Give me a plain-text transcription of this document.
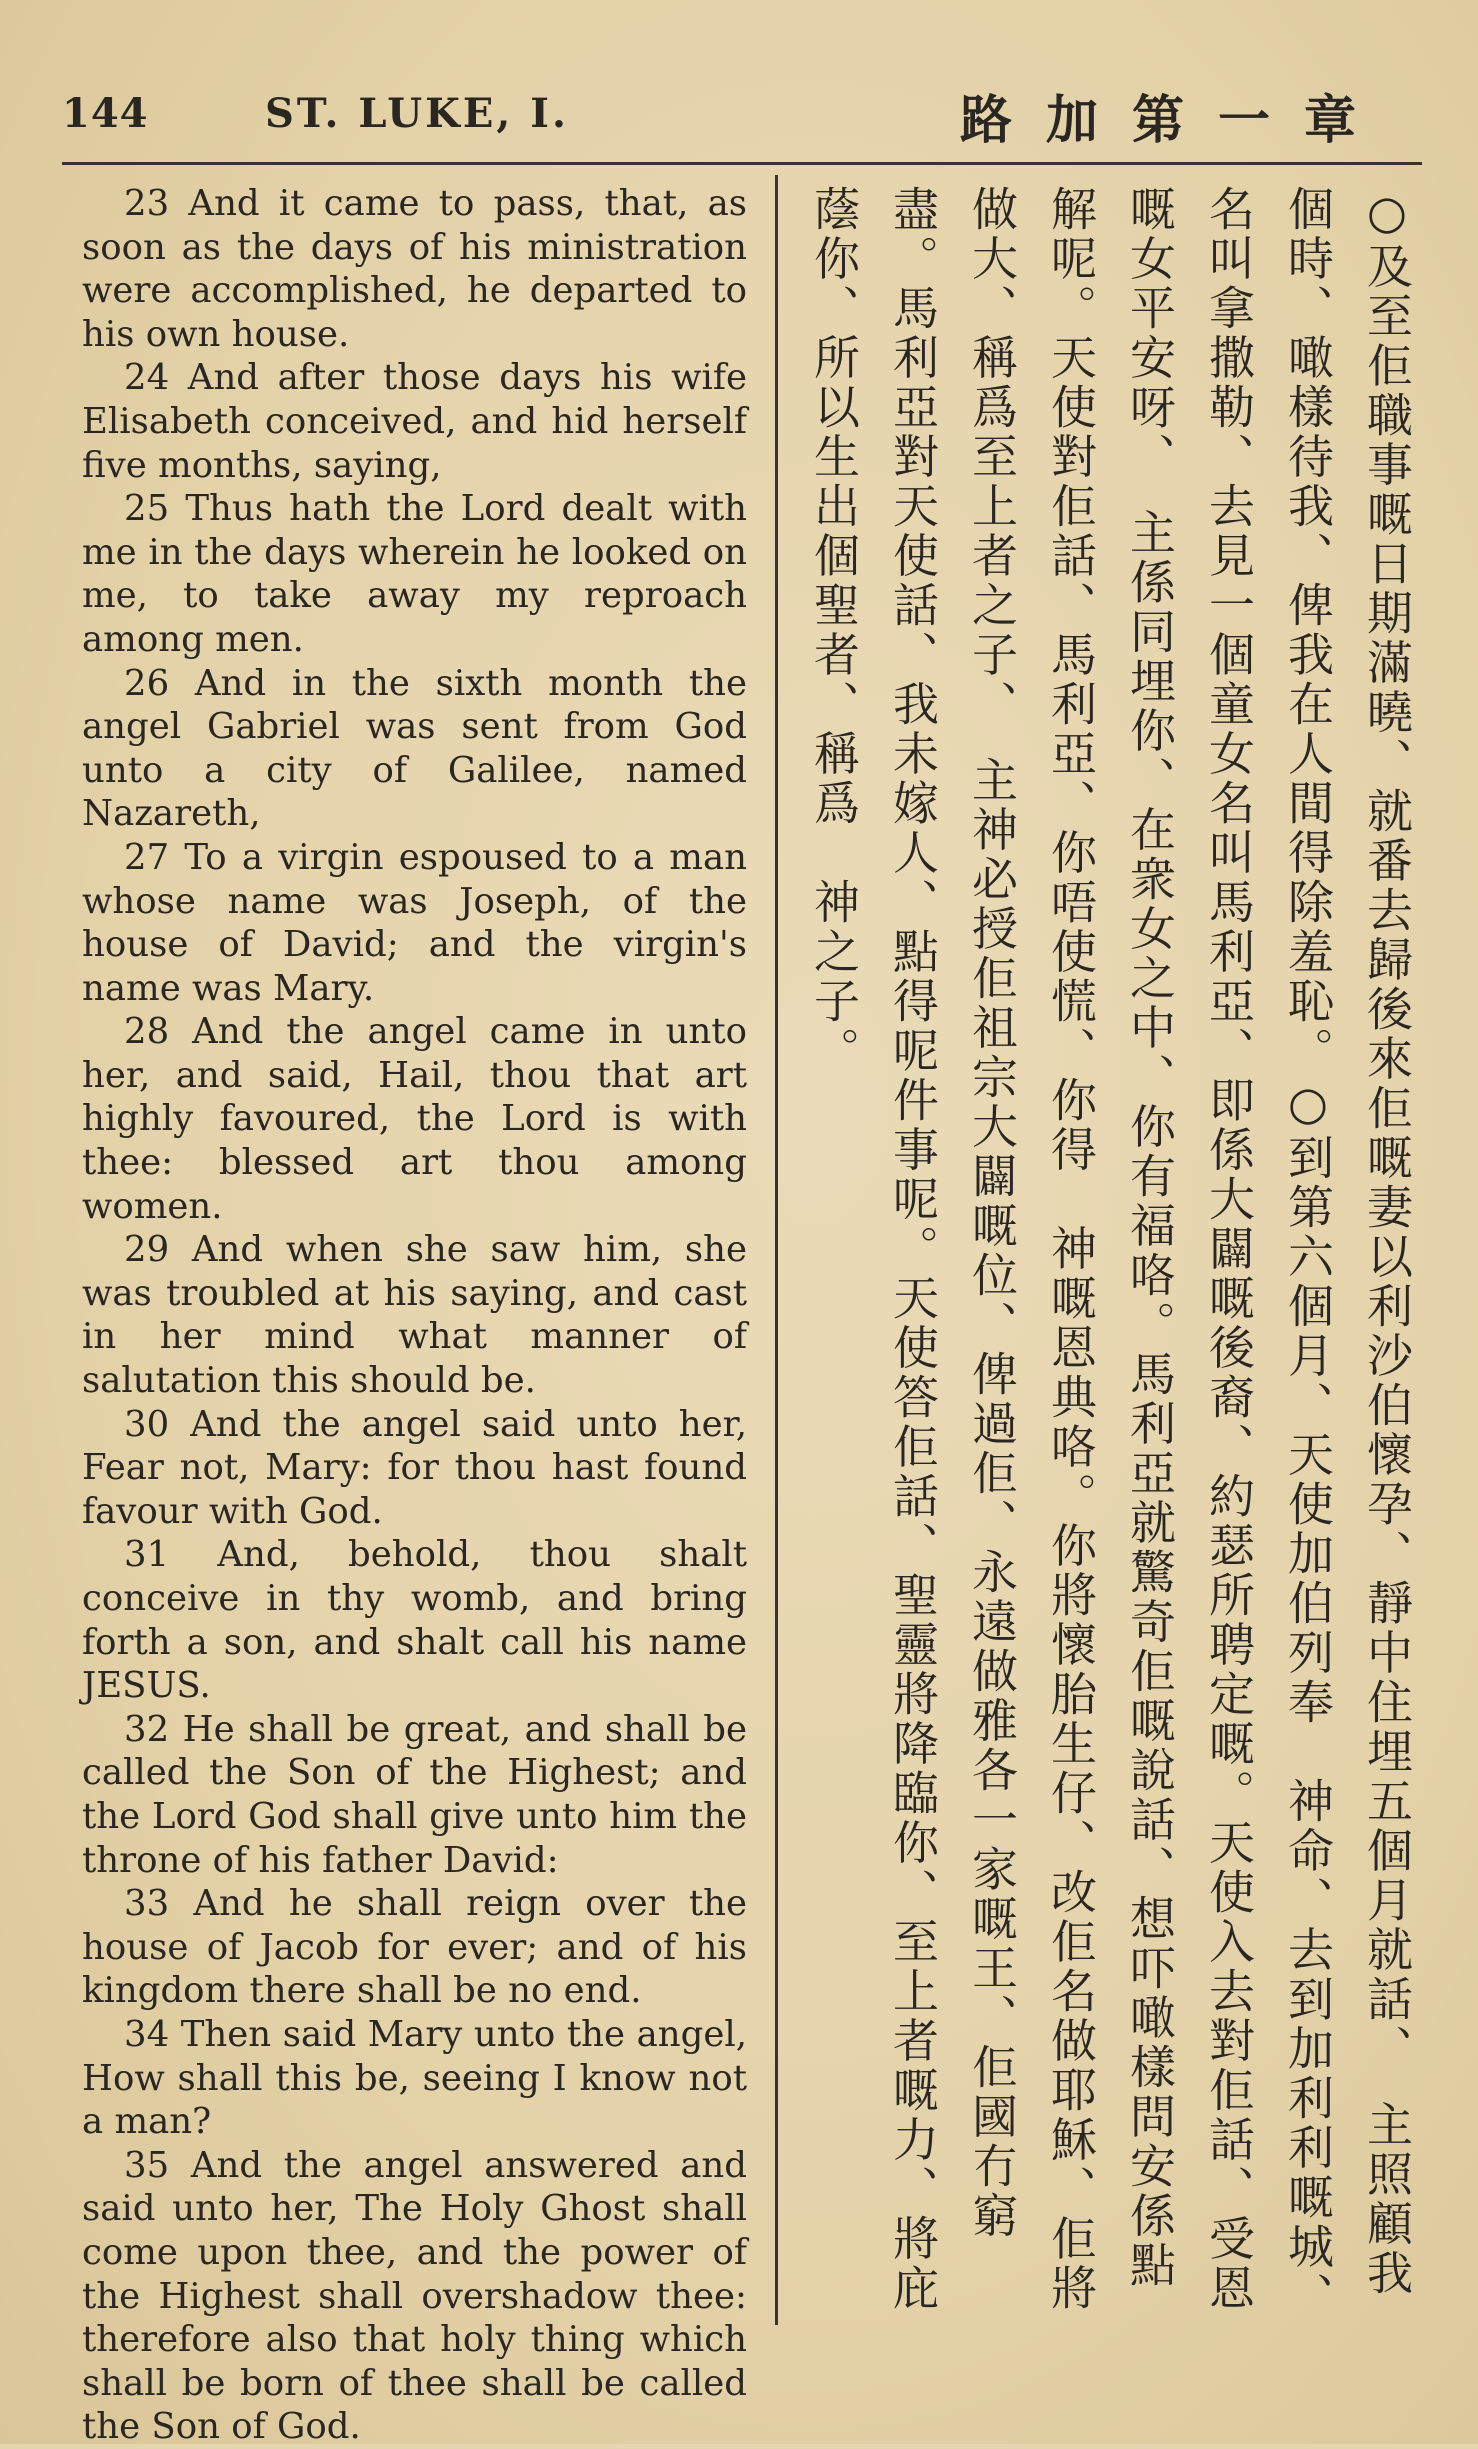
144	ST. LUKE, I.	路加第一章

23 And it came to pass, that, as soon as the days of his ministration were accomplished, he departed to his own house.

24 And after those days his wife Elisabeth conceived, and hid herself five months, saying,

25 Thus hath the Lord dealt with me in the days wherein he looked on me, to take away my reproach among men.

26 And in the sixth month the angel Gabriel was sent from God unto a city of Galilee, named Nazareth,

27 To a virgin espoused to a man whose name was Joseph, of the house of David; and the virgin's name was Mary.

28 And the angel came in unto her, and said, Hail, thou that art highly favoured, the Lord is with thee: blessed art thou among women.

29 And when she saw him, she was troubled at his saying, and cast in her mind what manner of salutation this should be.

30 And the angel said unto her, Fear not, Mary: for thou hast found favour with God.

31 And, behold, thou shalt conceive in thy womb, and bring forth a son, and shalt call his name JESUS.

32 He shall be great, and shall be called the Son of the Highest; and the Lord God shall give unto him the throne of his father David:

33 And he shall reign over the house of Jacob for ever; and of his kingdom there shall be no end.

34 Then said Mary unto the angel, How shall this be, seeing I know not a man?

35 And the angel answered and said unto her, The Holy Ghost shall come upon thee, and the power of the Highest shall overshadow thee: therefore also that holy thing which shall be born of thee shall be called the Son of God.

○及至佢職事嘅日期滿曉、就番去歸後來佢嘅妻以利沙伯懷孕、靜中住埋五個月就話、　主照顧我個時、噉樣待我、俾我在人間得除羞恥。○到第六個月、天使加伯列奉　神命、去到加利利嘅城、名叫拿撒勒、去見一個童女名叫馬利亞、即係大闢嘅後裔、約瑟所聘定嘅。天使入去對佢話、受恩嘅女平安呀、　主係同埋你、在衆女之中、你有福咯。馬利亞就驚奇佢嘅說話、想吓噉樣問安係點解呢。天使對佢話、馬利亞、你唔使慌、你得　神嘅恩典咯。你將懷胎生仔、改佢名做耶穌、佢將做大、稱爲至上者之子、　主神必授佢祖宗大闢嘅位、俾過佢、永遠做雅各一家嘅王、佢國冇窮盡。馬利亞對天使話、我未嫁人、點得呢件事呢。天使答佢話、聖靈將降臨你、至上者嘅力、將庇蔭你、所以生出個聖者、稱爲　神之子。
